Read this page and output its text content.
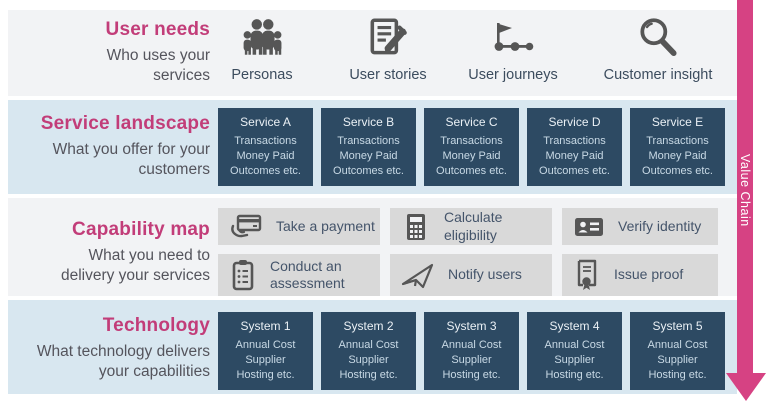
User needs
Who uses your
services Personas	User stories	User journeys	Customer insight
Service landscape
What you offer for your
customers
Service A
Transactions
Money Paid
Outcomes etc.
Service B
Transactions
Money Paid
Outcomes etc.
Service C
Transactions
Money Paid
Outcomes etc.
Service D
Transactions
Money Paid
Outcomes etc.
Service E
Transactions
Money Paid
Outcomes etc.
Capability map
What you need to
delivery your services
Take a payment
Calculate eligibility
Verify identity
Conduct an assessment
Notify users	Issue proof
Technology
What technology delivers
your capabilities
System 1
Annual Cost
Supplier
Hosting etc.
System 2
Annual Cost
Supplier
Hosting etc.
System 3
Annual Cost
Supplier
Hosting etc.
System 4
Annual Cost
Supplier
Hosting etc.
System 5
Annual Cost
Supplier
Hosting etc.
Value Chain
